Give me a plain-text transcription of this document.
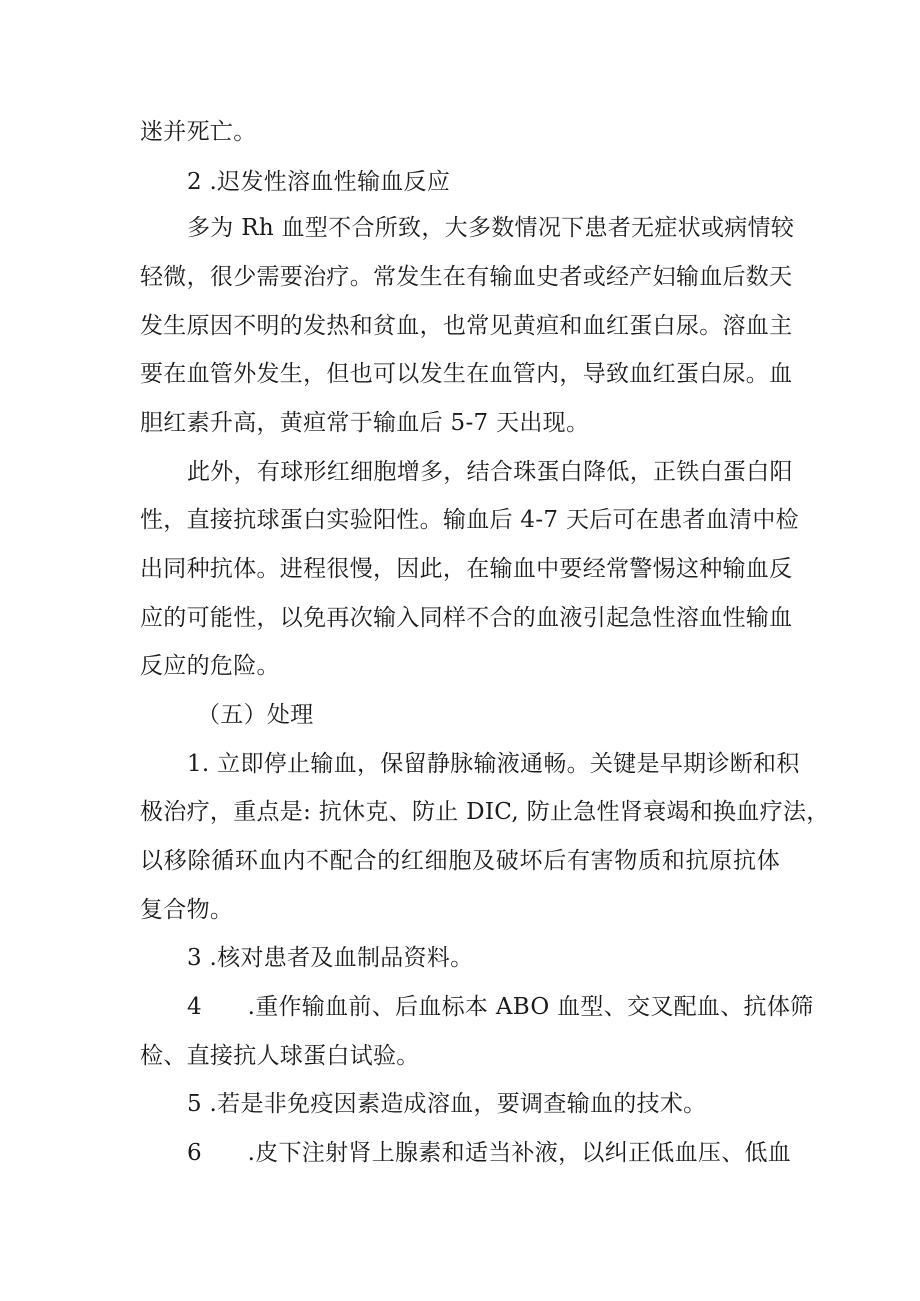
迷并死亡。
2 .迟发性溶血性输血反应
多为 Rh 血型不合所致，大多数情况下患者无症状或病情较
轻微，很少需要治疗。常发生在有输血史者或经产妇输血后数天
发生原因不明的发热和贫血，也常见黄疸和血红蛋白尿。溶血主
要在血管外发生，但也可以发生在血管内，导致血红蛋白尿。血
胆红素升高，黄疸常于输血后 5-7 天出现。
此外，有球形红细胞增多，结合珠蛋白降低，正铁白蛋白阳
性，直接抗球蛋白实验阳性。输血后 4-7 天后可在患者血清中检
出同种抗体。进程很慢，因此，在输血中要经常警惕这种输血反
应的可能性，以免再次输入同样不合的血液引起急性溶血性输血
反应的危险。
（五）处理
1. 立即停止输血，保留静脉输液通畅。关键是早期诊断和积
极治疗，重点是: 抗休克、防止 DIC, 防止急性肾衰竭和换血疗法，
以移除循环血内不配合的红细胞及破坏后有害物质和抗原抗体
复合物。
3 .核对患者及血制品资料。
4      .重作输血前、后血标本 ABO 血型、交叉配血、抗体筛
检、直接抗人球蛋白试验。
5 .若是非免疫因素造成溶血，要调查输血的技术。
6      .皮下注射肾上腺素和适当补液，以纠正低血压、低血
